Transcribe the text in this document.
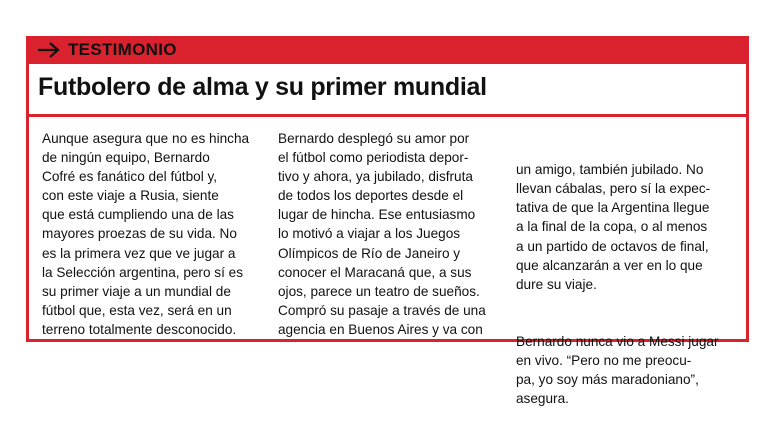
TESTIMONIO
Futbolero de alma y su primer mundial
Aunque asegura que no es hincha
de ningún equipo, Bernardo
Cofré es fanático del fútbol y,
con este viaje a Rusia, siente
que está cumpliendo una de las
mayores proezas de su vida. No
es la primera vez que ve jugar a
la Selección argentina, pero sí es
su primer viaje a un mundial de
fútbol que, esta vez, será en un
terreno totalmente desconocido.
Bernardo desplegó su amor por
el fútbol como periodista depor-
tivo y ahora, ya jubilado, disfruta
de todos los deportes desde el
lugar de hincha. Ese entusiasmo
lo motivó a viajar a los Juegos
Olímpicos de Río de Janeiro y
conocer el Maracaná que, a sus
ojos, parece un teatro de sueños.
Compró su pasaje a través de una
agencia en Buenos Aires y va con

un amigo, también jubilado. No
llevan cábalas, pero sí la expec-
tativa de que la Argentina llegue
a la final de la copa, o al menos
a un partido de octavos de final,
que alcanzarán a ver en lo que
dure su viaje.

Bernardo nunca vio a Messi jugar
en vivo. “Pero no me preocu-
pa, yo soy más maradoniano”,
asegura.
